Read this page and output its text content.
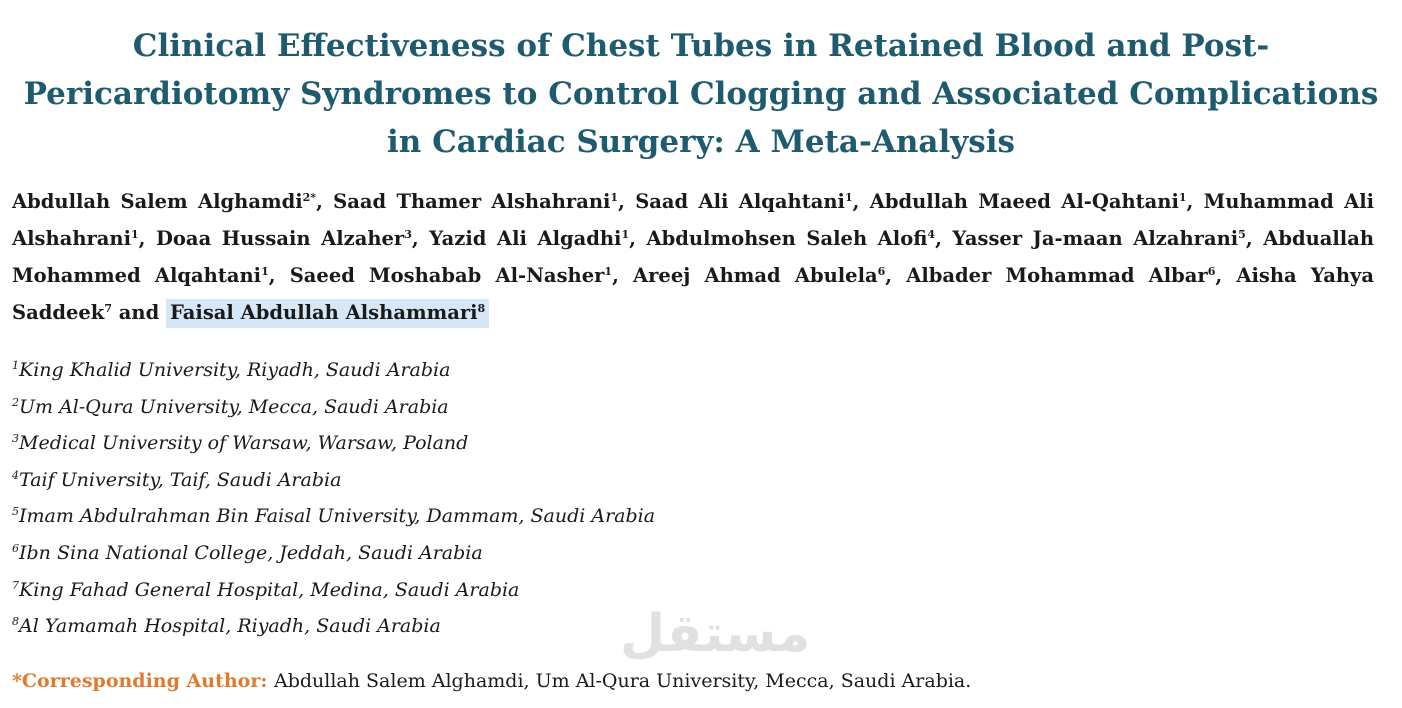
Clinical Effectiveness of Chest Tubes in Retained Blood and Post-
Pericardiotomy Syndromes to Control Clogging and Associated Complications
in Cardiac Surgery: A Meta-Analysis

Abdullah Salem Alghamdi$^{2*}$, Saad Thamer Alshahrani$^1$, Saad Ali Alqahtani$^1$, Abdullah Maeed Al-Qahtani$^1$, Muhammad Ali Alshahrani$^1$, Doaa Hussain Alzaher$^3$, Yazid Ali Algadhi$^1$, Abdulmohsen Saleh Alofi$^4$, Yasser Ja-maan Alzahrani$^5$, Abduallah Mohammed Alqahtani$^1$, Saeed Moshabab Al-Nasher$^1$, Areej Ahmad Abulela$^6$, Albader Mohammad Albar$^6$, Aisha Yahya Saddeek$^7$ and Faisal Abdullah Alshammari$^8$

$^1$King Khalid University, Riyadh, Saudi Arabia
$^2$Um Al-Qura University, Mecca, Saudi Arabia
$^3$Medical University of Warsaw, Warsaw, Poland
$^4$Taif University, Taif, Saudi Arabia
$^5$Imam Abdulrahman Bin Faisal University, Dammam, Saudi Arabia
$^6$Ibn Sina National College, Jeddah, Saudi Arabia
$^7$King Fahad General Hospital, Medina, Saudi Arabia
$^8$Al Yamamah Hospital, Riyadh, Saudi Arabia
*Corresponding Author: Abdullah Salem Alghamdi, Um Al-Qura University, Mecca, Saudi Arabia.
مستقل
